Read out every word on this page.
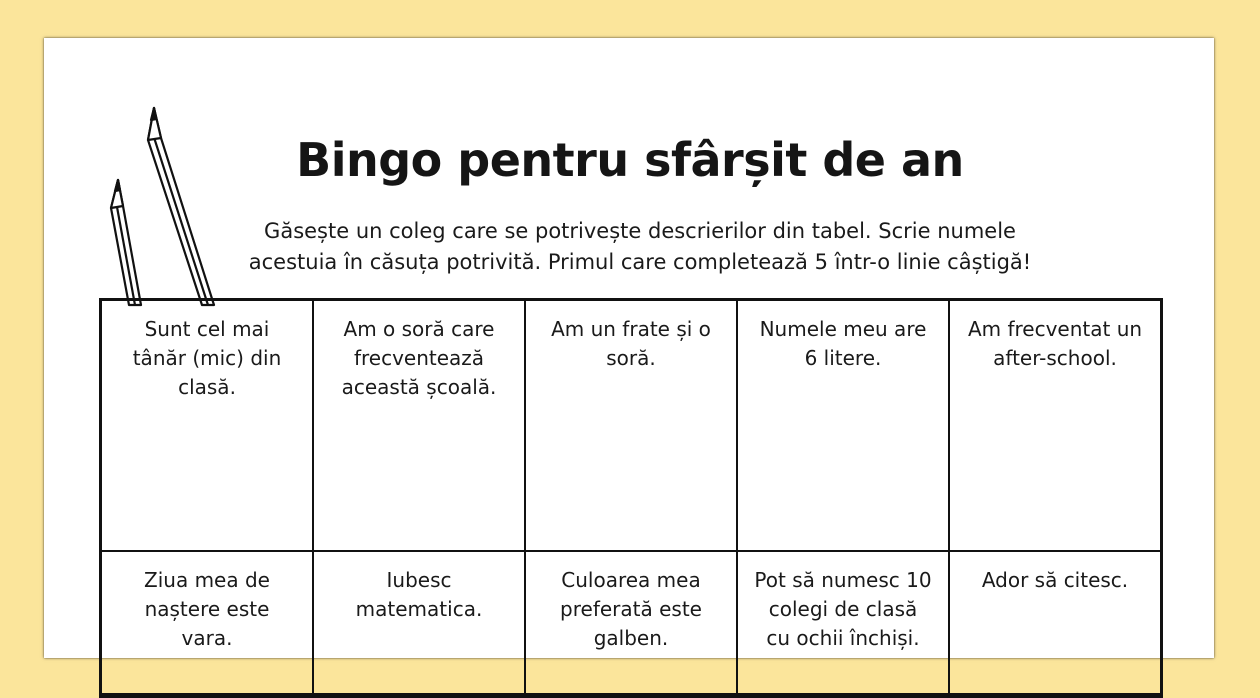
Bingo pentru sfârșit de an
Găsește un coleg care se potrivește descrierilor din tabel. Scrie numele
acestuia în căsuța potrivită. Primul care completează 5 într-o linie câștigă!
Sunt cel mai tânăr (mic) din clasă.
Am o soră care frecventează această școală.
Am un frate și o soră.
Numele meu are 6 litere.
Am frecventat un after-school.
Ziua mea de naștere este vara.
Iubesc matematica.
Culoarea mea preferată este galben.
Pot să numesc 10 colegi de clasă cu ochii închiși.
Ador să citesc.
